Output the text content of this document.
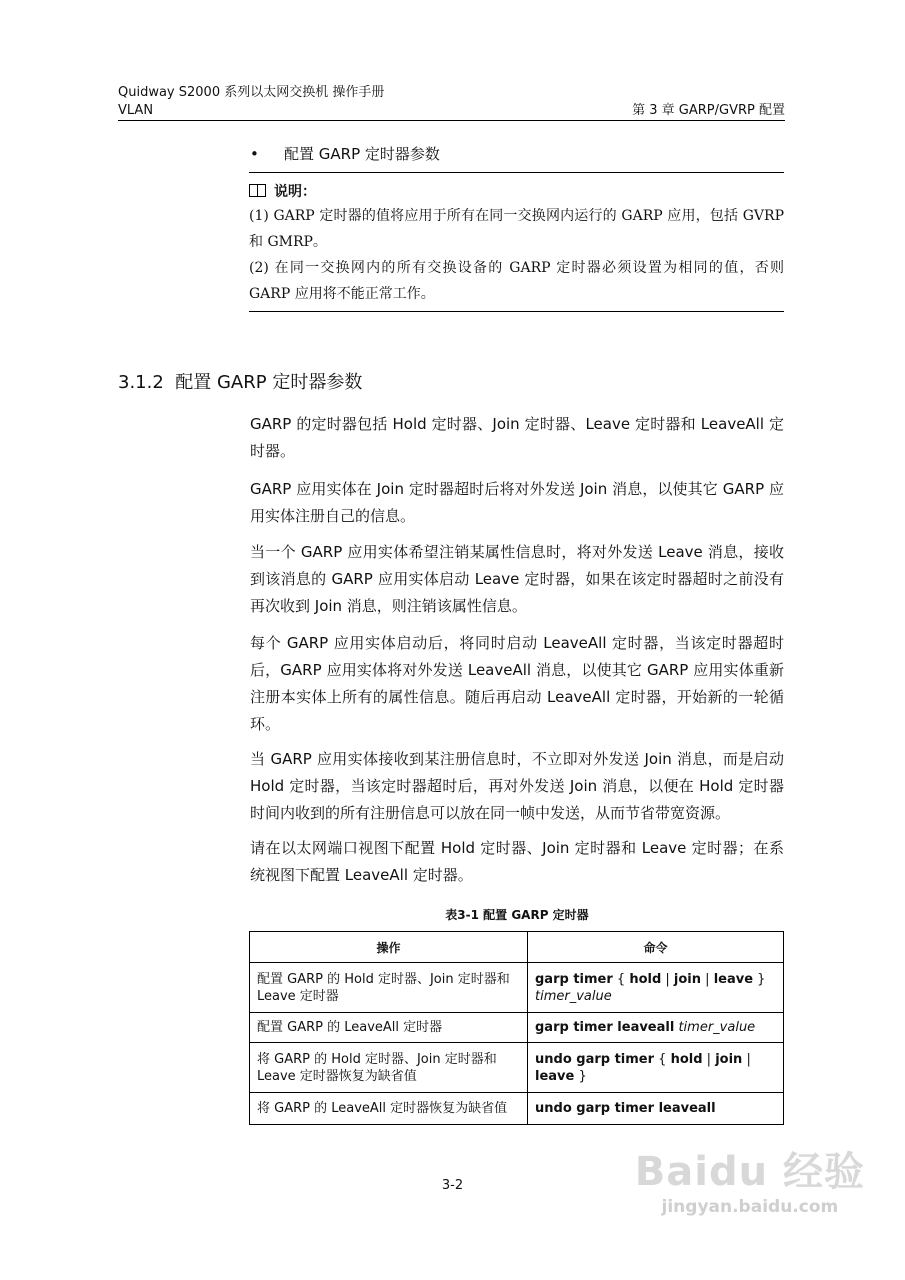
Quidway S2000 系列以太网交换机 操作手册
VLAN	第 3 章 GARP/GVRP 配置
• 配置 GARP 定时器参数
说明：
(1) GARP 定时器的值将应用于所有在同一交换网内运行的 GARP 应用，包括 GVRP 和 GMRP。
(2) 在同一交换网内的所有交换设备的 GARP 定时器必须设置为相同的值，否则 GARP 应用将不能正常工作。
3.1.2 配置 GARP 定时器参数
GARP 的定时器包括 Hold 定时器、Join 定时器、Leave 定时器和 LeaveAll 定时器。
GARP 应用实体在 Join 定时器超时后将对外发送 Join 消息，以使其它 GARP 应用实体注册自己的信息。
当一个 GARP 应用实体希望注销某属性信息时，将对外发送 Leave 消息，接收到该消息的 GARP 应用实体启动 Leave 定时器，如果在该定时器超时之前没有再次收到 Join 消息，则注销该属性信息。
每个 GARP 应用实体启动后，将同时启动 LeaveAll 定时器，当该定时器超时后，GARP 应用实体将对外发送 LeaveAll 消息，以使其它 GARP 应用实体重新注册本实体上所有的属性信息。随后再启动 LeaveAll 定时器，开始新的一轮循环。
当 GARP 应用实体接收到某注册信息时，不立即对外发送 Join 消息，而是启动 Hold 定时器，当该定时器超时后，再对外发送 Join 消息，以便在 Hold 定时器时间内收到的所有注册信息可以放在同一帧中发送，从而节省带宽资源。
请在以太网端口视图下配置 Hold 定时器、Join 定时器和 Leave 定时器；在系统视图下配置 LeaveAll 定时器。
表3-1 配置 GARP 定时器
操作	命令
配置 GARP 的 Hold 定时器、Join 定时器和 Leave 定时器	garp timer { hold | join | leave }
timer_value
配置 GARP 的 LeaveAll 定时器	garp timer leaveall timer_value
将 GARP 的 Hold 定时器、Join 定时器和 Leave 定时器恢复为缺省值	undo garp timer { hold | join | leave }
将 GARP 的 LeaveAll 定时器恢复为缺省值	undo garp timer leaveall
3-2	Baidu 经验
jingyan.baidu.com
